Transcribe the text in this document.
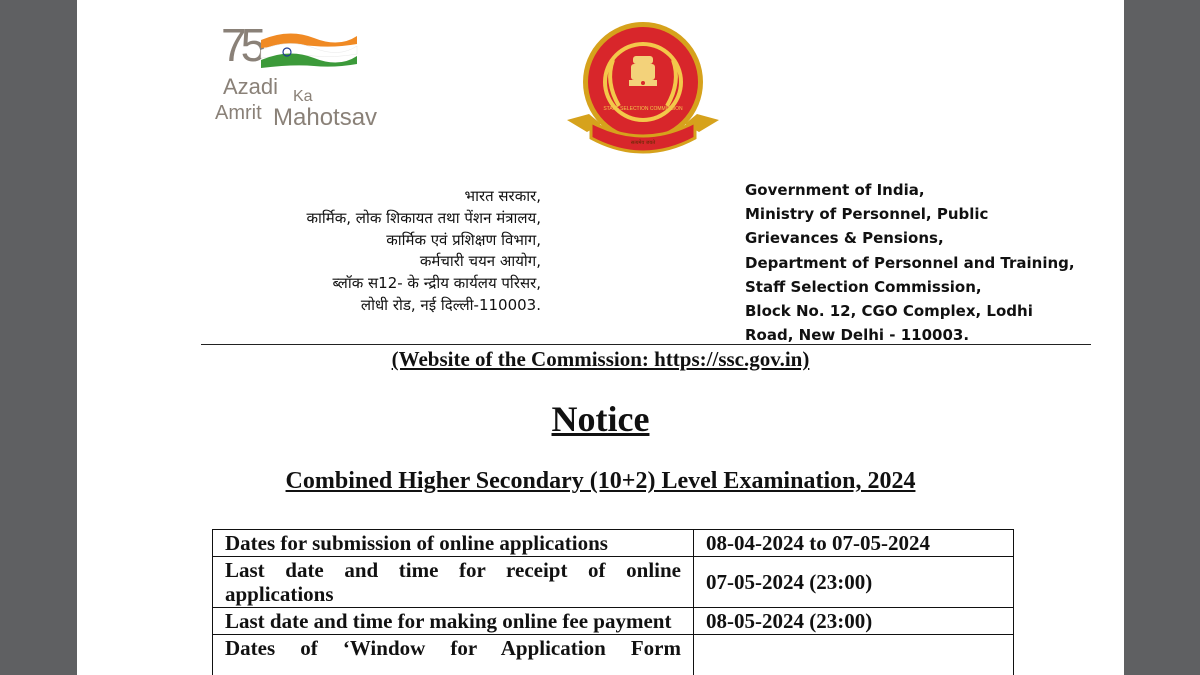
75
Azadi Ka
Amrit Mahotsav
सत्यमेव जयते
STAFF SELECTION COMMISSION
भारत सरकार,
कार्मिक, लोक शिकायत तथा पेंशन मंत्रालय,
कार्मिक एवं प्रशिक्षण विभाग,
कर्मचारी चयन आयोग,
ब्लॉक स12- के न्द्रीय कार्यलय परिसर,
लोधी रोड, नई दिल्ली-110003.
Government of India,
Ministry of Personnel, Public
Grievances & Pensions,
Department of Personnel and Training,
Staff Selection Commission,
Block No. 12, CGO Complex, Lodhi
Road, New Delhi - 110003.
(Website of the Commission: https://ssc.gov.in)
Notice
Combined Higher Secondary (10+2) Level Examination, 2024
Dates for submission of online applications	08-04-2024 to 07-05-2024
Last date and time for receipt of online applications	07-05-2024 (23:00)
Last date and time for making online fee payment	08-05-2024 (23:00)
Dates of ‘Window for Application Form	
